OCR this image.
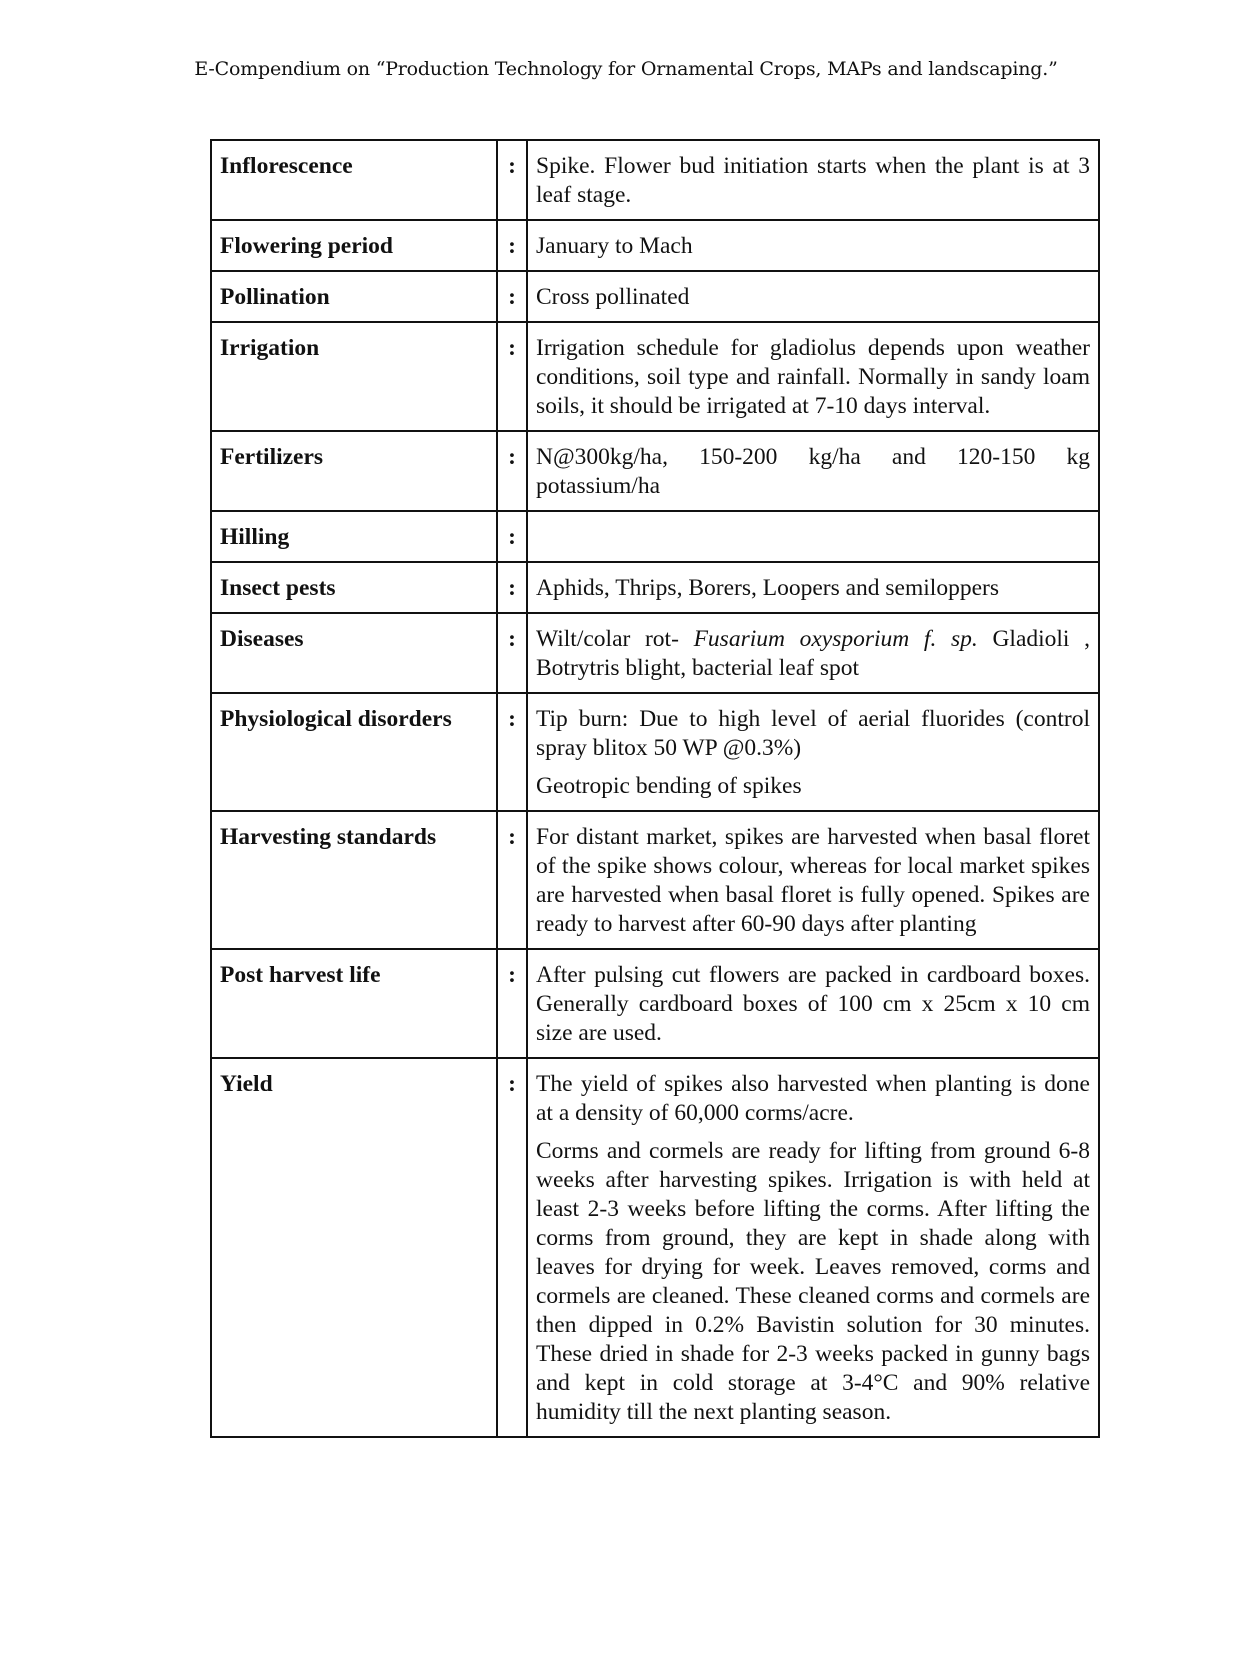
E-Compendium on “Production Technology for Ornamental Crops, MAPs and landscaping.”
Inflorescence	:	Spike. Flower bud initiation starts when the plant is at 3 leaf stage.

Flowering period	:	January to Mach

Pollination	:	Cross pollinated

Irrigation	:	Irrigation schedule for gladiolus depends upon weather conditions, soil type and rainfall. Normally in sandy loam soils, it should be irrigated at 7-10 days interval.

Fertilizers	:	N@300kg/ha, 150-200 kg/ha and 120-150 kg potassium/ha

Hilling	:	

Insect pests	:	Aphids, Thrips, Borers, Loopers and semiloppers

Diseases	:	Wilt/colar rot- Fusarium oxysporium f. sp. Gladioli , Botrytris blight, bacterial leaf spot

Physiological disorders	:	Tip burn: Due to high level of aerial fluorides (control spray blitox 50 WP @0.3%)

Geotropic bending of spikes

Harvesting standards	:	For distant market, spikes are harvested when basal floret of the spike shows colour, whereas for local market spikes are harvested when basal floret is fully opened. Spikes are ready to harvest after 60-90 days after planting

Post harvest life	:	After pulsing cut flowers are packed in cardboard boxes. Generally cardboard boxes of 100 cm x 25cm x 10 cm size are used.

Yield	:	The yield of spikes also harvested when planting is done at a density of 60,000 corms/acre.

Corms and cormels are ready for lifting from ground 6-8 weeks after harvesting spikes. Irrigation is with held at least 2-3 weeks before lifting the corms. After lifting the corms from ground, they are kept in shade along with leaves for drying for week. Leaves removed, corms and cormels are cleaned. These cleaned corms and cormels are then dipped in 0.2% Bavistin solution for 30 minutes. These dried in shade for 2-3 weeks packed in gunny bags and kept in cold storage at 3-4°C and 90% relative humidity till the next planting season.
